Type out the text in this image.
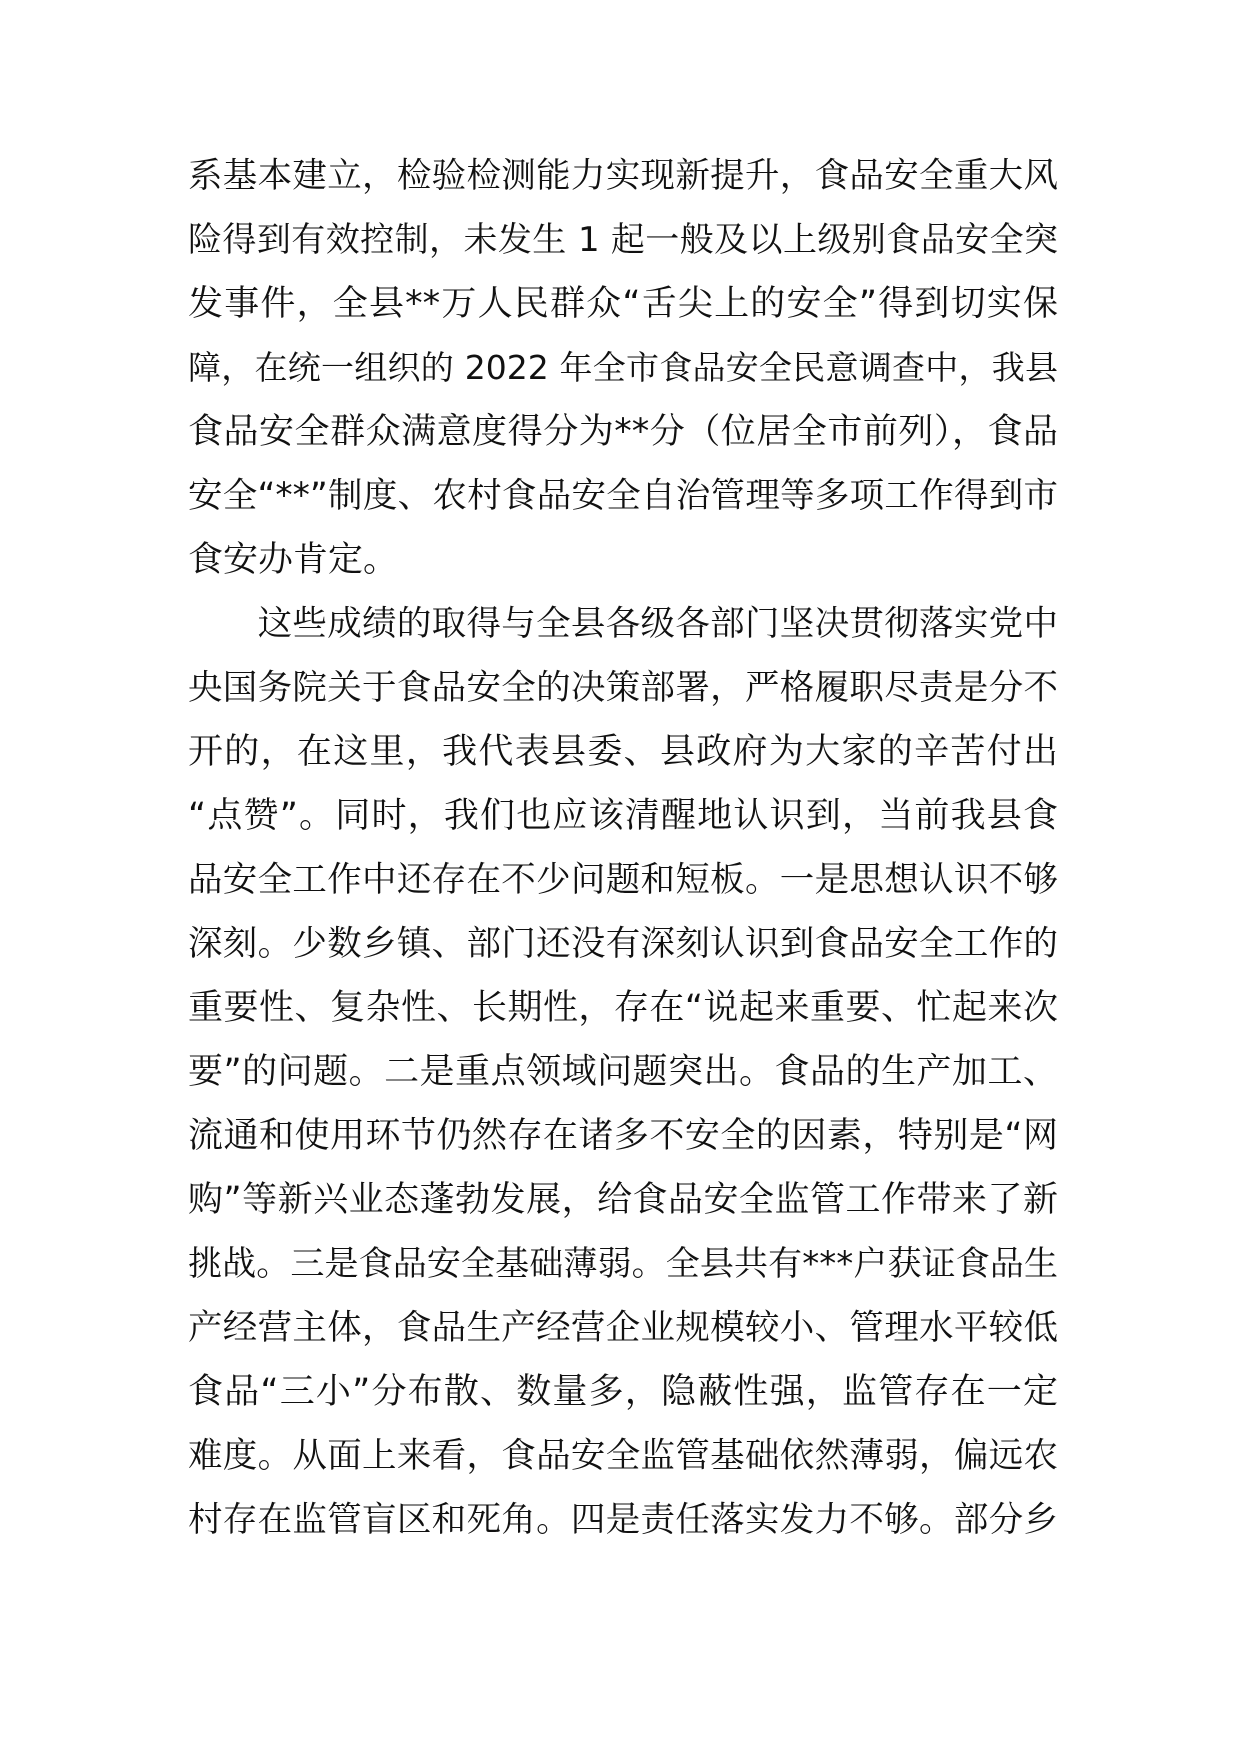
系基本建立，检验检测能力实现新提升，食品安全重大风
险得到有效控制，未发生 1 起一般及以上级别食品安全突
发事件，全县**万人民群众“舌尖上的安全”得到切实保
障，在统一组织的 2022 年全市食品安全民意调查中，我县
食品安全群众满意度得分为**分（位居全市前列），食品
安全“**”制度、农村食品安全自治管理等多项工作得到市
食安办肯定。
　　这些成绩的取得与全县各级各部门坚决贯彻落实党中
央国务院关于食品安全的决策部署，严格履职尽责是分不
开的，在这里，我代表县委、县政府为大家的辛苦付出
“点赞”。同时，我们也应该清醒地认识到，当前我县食
品安全工作中还存在不少问题和短板。一是思想认识不够
深刻。少数乡镇、部门还没有深刻认识到食品安全工作的
重要性、复杂性、长期性，存在“说起来重要、忙起来次
要”的问题。二是重点领域问题突出。食品的生产加工、
流通和使用环节仍然存在诸多不安全的因素，特别是“网
购”等新兴业态蓬勃发展，给食品安全监管工作带来了新
挑战。三是食品安全基础薄弱。全县共有***户获证食品生
产经营主体，食品生产经营企业规模较小、管理水平较低
食品“三小”分布散、数量多，隐蔽性强，监管存在一定
难度。从面上来看，食品安全监管基础依然薄弱，偏远农
村存在监管盲区和死角。四是责任落实发力不够。部分乡
